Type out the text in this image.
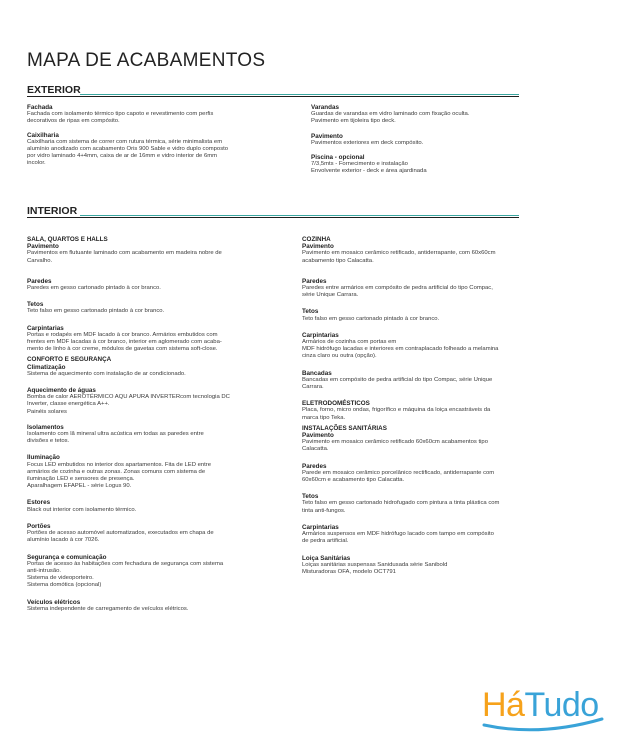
MAPA DE ACABAMENTOS
EXTERIOR
Fachada
Fachada com isolamento térmico tipo capoto e revestimento com perfis
decorativos de ripas em compósito.
Caixilharia
Caixilharia com sistema de correr com rutura térmica, série minimalista em
alumínio anodizado com acabamento Oris 900 Sable e vidro duplo composto
por vidro laminado 4+4mm, caixa de ar de 16mm e vidro interior de 6mm
incolor.
Varandas
Guardas de varandas em vidro laminado com fixação oculta.
Pavimento em tijoleira tipo deck.
Pavimento
Pavimentos exteriores em deck compósito.
Piscina - opcional
7/3,5mts - Fornecimento e instalação
Envolvente exterior - deck e área ajardinada
INTERIOR
SALA, QUARTOS E HALLS
Pavimento
Pavimentos em flutuante laminado com acabamento em madeira nobre de
Carvalho.
Paredes
Paredes em gesso cartonado pintado à cor branco.
Tetos
Teto falso em gesso cartonado pintado à cor branco.
Carpintarias
Portas e rodapés em MDF lacado à cor branco. Armários embutidos com
frentes em MDF lacadas à cor branco, interior em aglomerado com acaba-
mento de linho à cor creme, módulos de gavetas com sistema soft-close.
CONFORTO E SEGURANÇA
Climatização
Sistema de aquecimento com instalação de ar condicionado.
Aquecimento de águas
Bomba de calor AEROTÉRMICO AQU APURA INVERTERcom tecnologia DC
Inverter, classe energética A++.
Painéis solares
Isolamentos
Isolamento com lã mineral ultra acústica em todas as paredes entre
divisões e tetos.
Iluminação
Focus LED embutidos no interior dos apartamentos. Fita de LED entre
armários de cozinha e outras zonas. Zonas comuns com sistema de
iluminação LED e sensores de presença.
Aparalhagem EFAPEL - série Logus 90.
Estores
Black out interior com isolamento térmico.
Portões
Portões de acesso automóvel automatizados, executados em chapa de
alumínio lacado à cor 7026.
Segurança e comunicação
Portas de acesso às habitações com fechadura de segurança com sistema
anti-intrusão.
Sistema de videoporteiro.
Sistema domótica (opcional)
Veículos elétricos
Sistema independente de carregamento de veículos elétricos.
COZINHA
Pavimento
Pavimento em mosaico cerâmico retificado, antiderrapante, com 60x60cm
acabamento tipo Calacatta.
Paredes
Paredes entre armários em compósito de pedra artificial do tipo Compac,
série Unique Carrara.
Tetos
Teto falso em gesso cartonado pintado à cor branco.
Carpintarias
Armários de cozinha com portas em
MDF hidrófugo lacadas e interiores em contraplacado folheado a melamina
cinza claro ou outra (opção).
Bancadas
Bancadas em compósito de pedra artificial do tipo Compac, série Unique
Carrara.
ELETRODOMÉSTICOS
Placa, forno, micro ondas, frigorífico e máquina da loiça encastráveis da
marca tipo Teka.
INSTALAÇÕES SANITÁRIAS
Pavimento
Pavimento em mosaico cerâmico retificado 60x60cm acabamentos tipo
Calacatta.
Paredes
Parede em mosaico cerâmico porcelânico rectificado, antiderrapante com
60x60cm e acabamento tipo Calacatta.
Tetos
Teto falso em gesso cartonado hidrofugado com pintura a tinta plástica com
tinta anti-fungos.
Carpintarias
Armários suspensos em MDF hidrófugo lacado com tampo em compósito
de pedra artificial.
Loiça Sanitárias
Loiças sanitárias suspensas Sanidusada série Sanibold
Misturadoras OFA, modelo OCT791
HáTudo
